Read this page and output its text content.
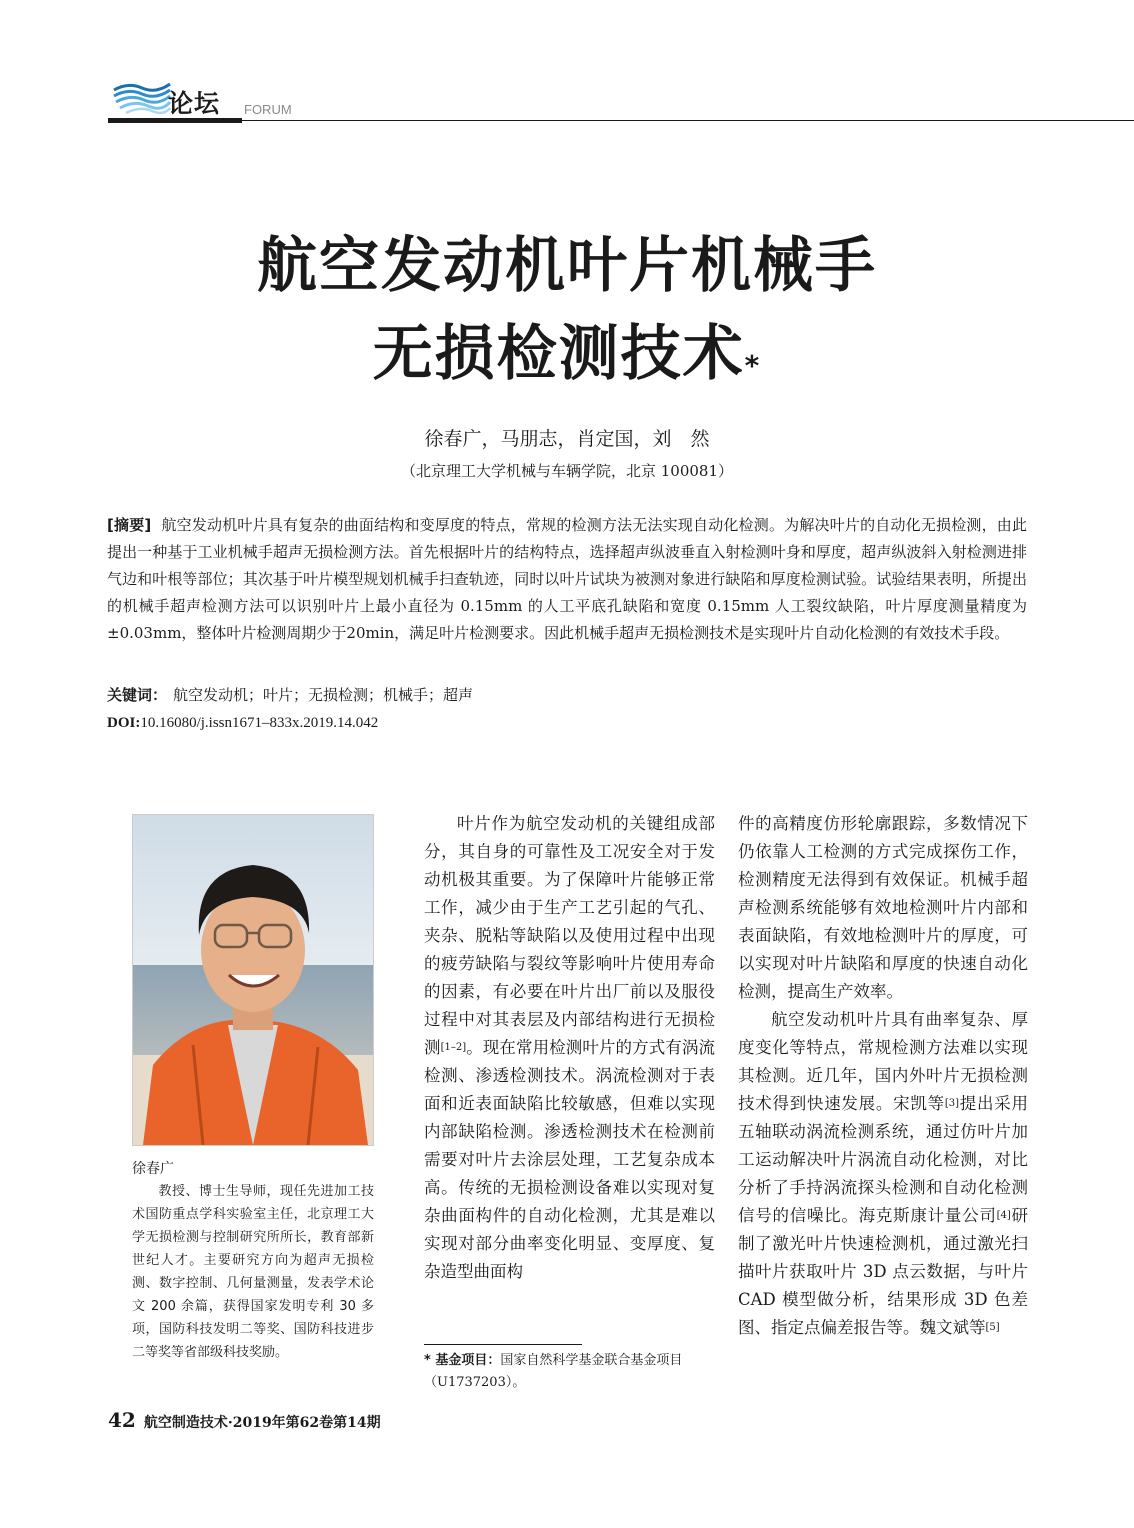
论坛 FORUM
航空发动机叶片机械手
无损检测技术*
徐春广，马朋志，肖定国，刘　然
（北京理工大学机械与车辆学院，北京 100081）
[摘要] 航空发动机叶片具有复杂的曲面结构和变厚度的特点，常规的检测方法无法实现自动化检测。为解决叶片的自动化无损检测，由此提出一种基于工业机械手超声无损检测方法。首先根据叶片的结构特点，选择超声纵波垂直入射检测叶身和厚度，超声纵波斜入射检测进排气边和叶根等部位；其次基于叶片模型规划机械手扫查轨迹，同时以叶片试块为被测对象进行缺陷和厚度检测试验。试验结果表明，所提出的机械手超声检测方法可以识别叶片上最小直径为 0.15mm 的人工平底孔缺陷和宽度 0.15mm 人工裂纹缺陷，叶片厚度测量精度为 ±0.03mm，整体叶片检测周期少于20min，满足叶片检测要求。因此机械手超声无损检测技术是实现叶片自动化检测的有效技术手段。
关键词： 航空发动机；叶片；无损检测；机械手；超声
DOI:10.16080/j.issn1671–833x.2019.14.042
徐春广
教授、博士生导师，现任先进加工技术国防重点学科实验室主任，北京理工大学无损检测与控制研究所所长，教育部新世纪人才。主要研究方向为超声无损检测、数字控制、几何量测量，发表学术论文 200 余篇，获得国家发明专利 30 多项，国防科技发明二等奖、国防科技进步二等奖等省部级科技奖励。

叶片作为航空发动机的关键组成部分，其自身的可靠性及工况安全对于发动机极其重要。为了保障叶片能够正常工作，减少由于生产工艺引起的气孔、夹杂、脱粘等缺陷以及使用过程中出现的疲劳缺陷与裂纹等影响叶片使用寿命的因素，有必要在叶片出厂前以及服役过程中对其表层及内部结构进行无损检测[1–2]。现在常用检测叶片的方式有涡流检测、渗透检测技术。涡流检测对于表面和近表面缺陷比较敏感，但难以实现内部缺陷检测。渗透检测技术在检测前需要对叶片去涂层处理，工艺复杂成本高。传统的无损检测设备难以实现对复杂曲面构件的自动化检测，尤其是难以实现对部分曲率变化明显、变厚度、复杂造型曲面构

件的高精度仿形轮廓跟踪，多数情况下仍依靠人工检测的方式完成探伤工作，检测精度无法得到有效保证。机械手超声检测系统能够有效地检测叶片内部和表面缺陷，有效地检测叶片的厚度，可以实现对叶片缺陷和厚度的快速自动化检测，提高生产效率。

航空发动机叶片具有曲率复杂、厚度变化等特点，常规检测方法难以实现其检测。近几年，国内外叶片无损检测技术得到快速发展。宋凯等[3]提出采用五轴联动涡流检测系统，通过仿叶片加工运动解决叶片涡流自动化检测，对比分析了手持涡流探头检测和自动化检测信号的信噪比。海克斯康计量公司[4]研制了激光叶片快速检测机，通过激光扫描叶片获取叶片 3D 点云数据，与叶片 CAD 模型做分析，结果形成 3D 色差图、指定点偏差报告等。魏文斌等[5]

* 基金项目：国家自然科学基金联合基金项目（U1737203）。
42 航空制造技术·2019年第62卷第14期
